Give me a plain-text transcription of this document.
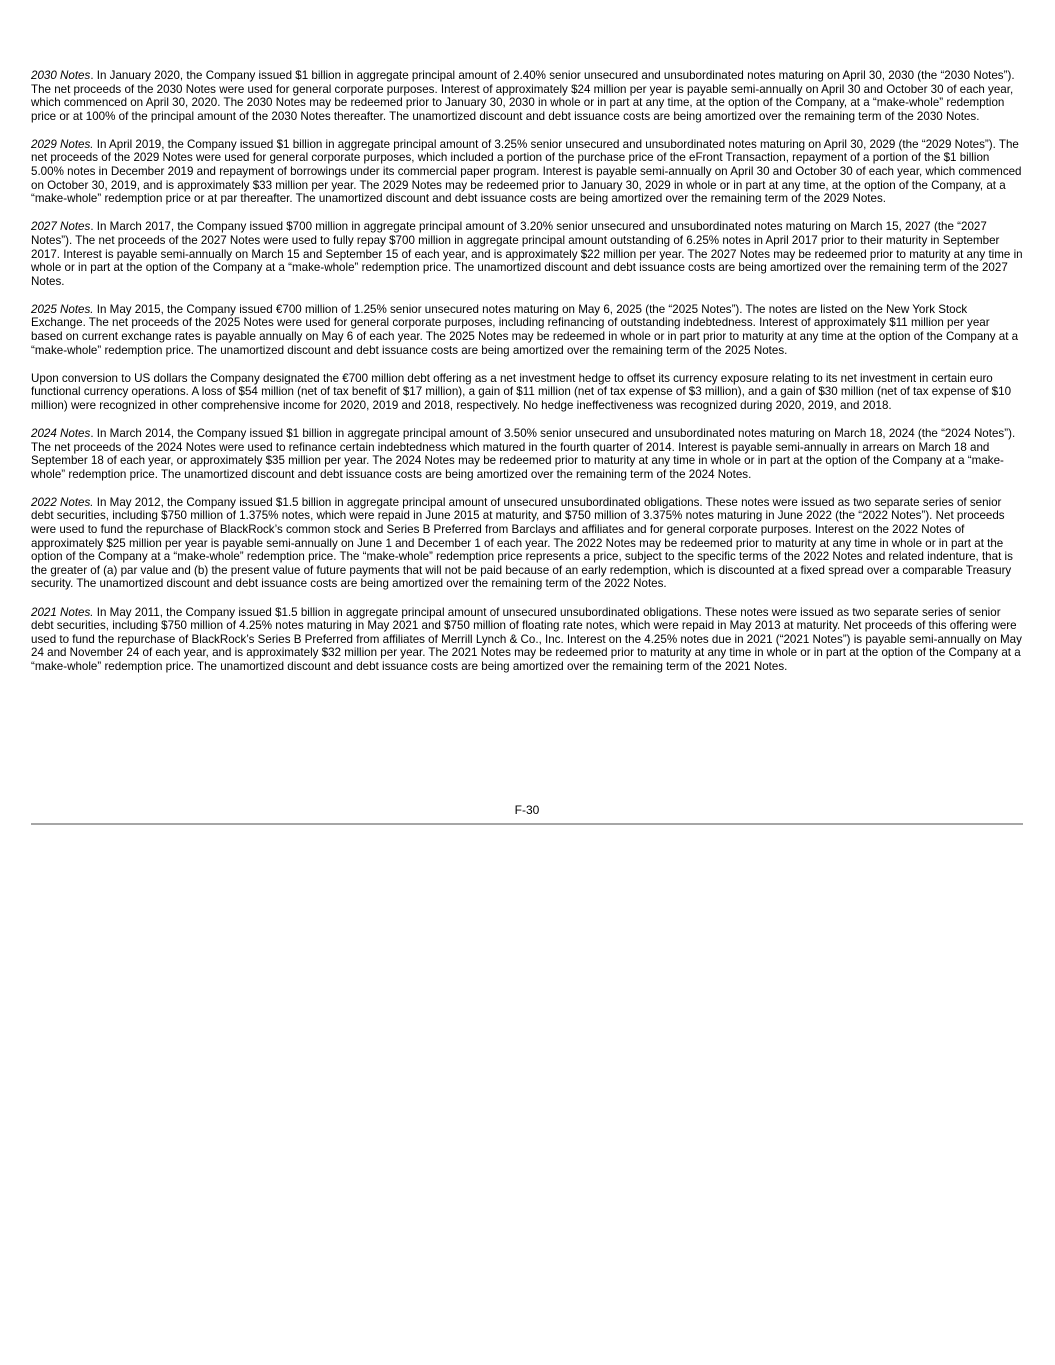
2030 Notes. In January 2020, the Company issued $1 billion in aggregate principal amount of 2.40% senior unsecured and unsubordinated notes maturing on April 30, 2030 (the “2030 Notes”). The net proceeds of the 2030 Notes were used for general corporate purposes. Interest of approximately $24 million per year is payable semi-annually on April 30 and October 30 of each year, which commenced on April 30, 2020. The 2030 Notes may be redeemed prior to January 30, 2030 in whole or in part at any time, at the option of the Company, at a “make-whole” redemption price or at 100% of the principal amount of the 2030 Notes thereafter. The unamortized discount and debt issuance costs are being amortized over the remaining term of the 2030 Notes.

2029 Notes. In April 2019, the Company issued $1 billion in aggregate principal amount of 3.25% senior unsecured and unsubordinated notes maturing on April 30, 2029 (the “2029 Notes”). The net proceeds of the 2029 Notes were used for general corporate purposes, which included a portion of the purchase price of the eFront Transaction, repayment of a portion of the $1 billion 5.00% notes in December 2019 and repayment of borrowings under its commercial paper program. Interest is payable semi-annually on April 30 and October 30 of each year, which commenced on October 30, 2019, and is approximately $33 million per year. The 2029 Notes may be redeemed prior to January 30, 2029 in whole or in part at any time, at the option of the Company, at a “make-whole” redemption price or at par thereafter. The unamortized discount and debt issuance costs are being amortized over the remaining term of the 2029 Notes.

2027 Notes. In March 2017, the Company issued $700 million in aggregate principal amount of 3.20% senior unsecured and unsubordinated notes maturing on March 15, 2027 (the “2027 Notes”). The net proceeds of the 2027 Notes were used to fully repay $700 million in aggregate principal amount outstanding of 6.25% notes in April 2017 prior to their maturity in September 2017. Interest is payable semi-annually on March 15 and September 15 of each year, and is approximately $22 million per year. The 2027 Notes may be redeemed prior to maturity at any time in whole or in part at the option of the Company at a “make-whole” redemption price. The unamortized discount and debt issuance costs are being amortized over the remaining term of the 2027 Notes.

2025 Notes. In May 2015, the Company issued €700 million of 1.25% senior unsecured notes maturing on May 6, 2025 (the “2025 Notes”). The notes are listed on the New York Stock Exchange. The net proceeds of the 2025 Notes were used for general corporate purposes, including refinancing of outstanding indebtedness. Interest of approximately $11 million per year based on current exchange rates is payable annually on May 6 of each year. The 2025 Notes may be redeemed in whole or in part prior to maturity at any time at the option of the Company at a “make-whole” redemption price. The unamortized discount and debt issuance costs are being amortized over the remaining term of the 2025 Notes.

Upon conversion to US dollars the Company designated the €700 million debt offering as a net investment hedge to offset its currency exposure relating to its net investment in certain euro functional currency operations. A loss of $54 million (net of tax benefit of $17 million), a gain of $11 million (net of tax expense of $3 million), and a gain of $30 million (net of tax expense of $10 million) were recognized in other comprehensive income for 2020, 2019 and 2018, respectively. No hedge ineffectiveness was recognized during 2020, 2019, and 2018.

2024 Notes. In March 2014, the Company issued $1 billion in aggregate principal amount of 3.50% senior unsecured and unsubordinated notes maturing on March 18, 2024 (the “2024 Notes”). The net proceeds of the 2024 Notes were used to refinance certain indebtedness which matured in the fourth quarter of 2014. Interest is payable semi-annually in arrears on March 18 and September 18 of each year, or approximately $35 million per year. The 2024 Notes may be redeemed prior to maturity at any time in whole or in part at the option of the Company at a “make-whole” redemption price. The unamortized discount and debt issuance costs are being amortized over the remaining term of the 2024 Notes.

2022 Notes. In May 2012, the Company issued $1.5 billion in aggregate principal amount of unsecured unsubordinated obligations. These notes were issued as two separate series of senior debt securities, including $750 million of 1.375% notes, which were repaid in June 2015 at maturity, and $750 million of 3.375% notes maturing in June 2022 (the “2022 Notes”). Net proceeds were used to fund the repurchase of BlackRock’s common stock and Series B Preferred from Barclays and affiliates and for general corporate purposes. Interest on the 2022 Notes of approximately $25 million per year is payable semi-annually on June 1 and December 1 of each year. The 2022 Notes may be redeemed prior to maturity at any time in whole or in part at the option of the Company at a “make-whole” redemption price. The “make-whole” redemption price represents a price, subject to the specific terms of the 2022 Notes and related indenture, that is the greater of (a) par value and (b) the present value of future payments that will not be paid because of an early redemption, which is discounted at a fixed spread over a comparable Treasury security. The unamortized discount and debt issuance costs are being amortized over the remaining term of the 2022 Notes.

2021 Notes. In May 2011, the Company issued $1.5 billion in aggregate principal amount of unsecured unsubordinated obligations. These notes were issued as two separate series of senior debt securities, including $750 million of 4.25% notes maturing in May 2021 and $750 million of floating rate notes, which were repaid in May 2013 at maturity. Net proceeds of this offering were used to fund the repurchase of BlackRock’s Series B Preferred from affiliates of Merrill Lynch & Co., Inc. Interest on the 4.25% notes due in 2021 (“2021 Notes”) is payable semi-annually on May 24 and November 24 of each year, and is approximately $32 million per year. The 2021 Notes may be redeemed prior to maturity at any time in whole or in part at the option of the Company at a “make-whole” redemption price. The unamortized discount and debt issuance costs are being amortized over the remaining term of the 2021 Notes.

F-30
